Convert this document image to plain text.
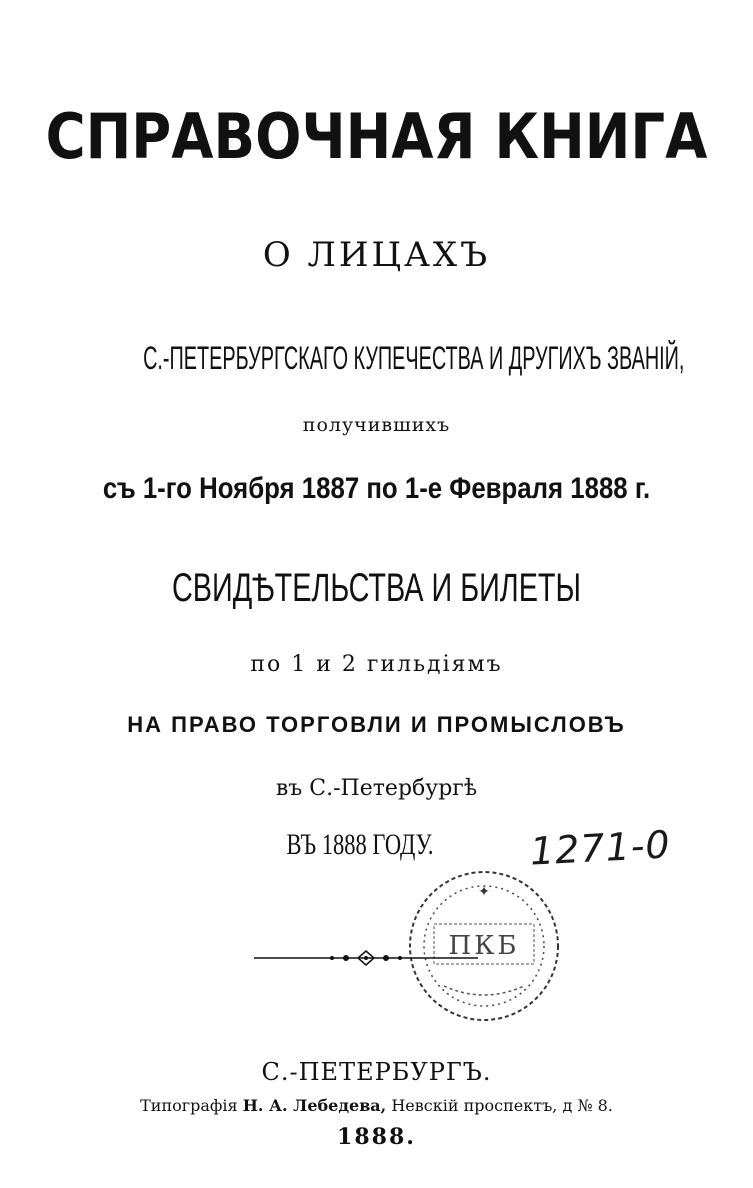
СПРАВОЧНАЯ КНИГА
О ЛИЦАХЪ
С.-ПЕТЕРБУРГСКАГО КУПЕЧЕСТВА И ДРУГИХЪ ЗВАНІЙ,
получившихъ
съ 1-го Ноября 1887 по 1-е Февраля 1888 г.
СВИДѢТЕЛЬСТВА И БИЛЕТЫ
по 1 и 2 гильдіямъ
НА ПРАВО ТОРГОВЛИ И ПРОМЫСЛОВЪ
въ С.-Петербургѣ
ВЪ 1888 ГОДУ.	1271-0
✦
ПКБ
С.-ПЕТЕРБУРГЪ.
Типографія Н. А. Лебедева, Невскій проспектъ, д № 8.
1888.
